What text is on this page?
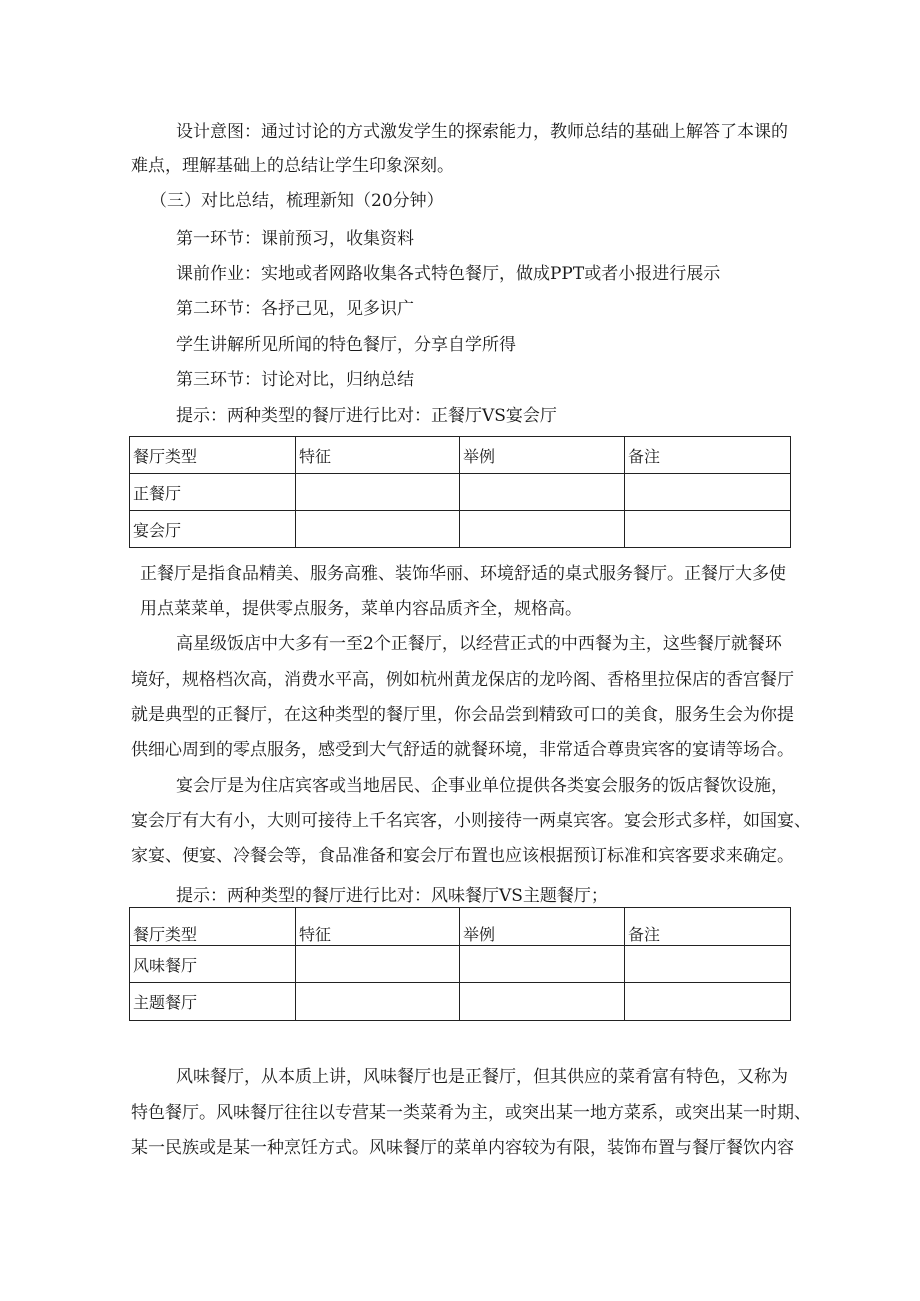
设计意图：通过讨论的方式激发学生的探索能力，教师总结的基础上解答了本课的
难点，理解基础上的总结让学生印象深刻。
（三）对比总结，梳理新知（20分钟）
第一环节：课前预习，收集资料
课前作业：实地或者网路收集各式特色餐厅，做成PPT或者小报进行展示
第二环节：各抒己见，见多识广
学生讲解所见所闻的特色餐厅，分享自学所得
第三环节：讨论对比，归纳总结
提示：两种类型的餐厅进行比对：正餐厅VS宴会厅
餐厅类型	特征	举例	备注
正餐厅			
宴会厅			
正餐厅是指食品精美、服务高雅、装饰华丽、环境舒适的桌式服务餐厅。正餐厅大多使
用点菜菜单，提供零点服务，菜单内容品质齐全，规格高。
高星级饭店中大多有一至2个正餐厅，以经营正式的中西餐为主，这些餐厅就餐环
境好，规格档次高，消费水平高，例如杭州黄龙保店的龙吟阁、香格里拉保店的香宫餐厅
就是典型的正餐厅，在这种类型的餐厅里，你会品尝到精致可口的美食，服务生会为你提
供细心周到的零点服务，感受到大气舒适的就餐环境，非常适合尊贵宾客的宴请等场合。
宴会厅是为住店宾客或当地居民、企事业单位提供各类宴会服务的饭店餐饮设施，
宴会厅有大有小，大则可接待上千名宾客，小则接待一两桌宾客。宴会形式多样，如国宴、
家宴、便宴、冷餐会等，食品准备和宴会厅布置也应该根据预订标准和宾客要求来确定。
提示：两种类型的餐厅进行比对：风味餐厅VS主题餐厅；
餐厅类型	特征	举例	备注
风味餐厅			
主题餐厅			
风味餐厅，从本质上讲，风味餐厅也是正餐厅，但其供应的菜肴富有特色，又称为
特色餐厅。风味餐厅往往以专营某一类菜肴为主，或突出某一地方菜系，或突出某一时期、
某一民族或是某一种烹饪方式。风味餐厅的菜单内容较为有限，装饰布置与餐厅餐饮内容
